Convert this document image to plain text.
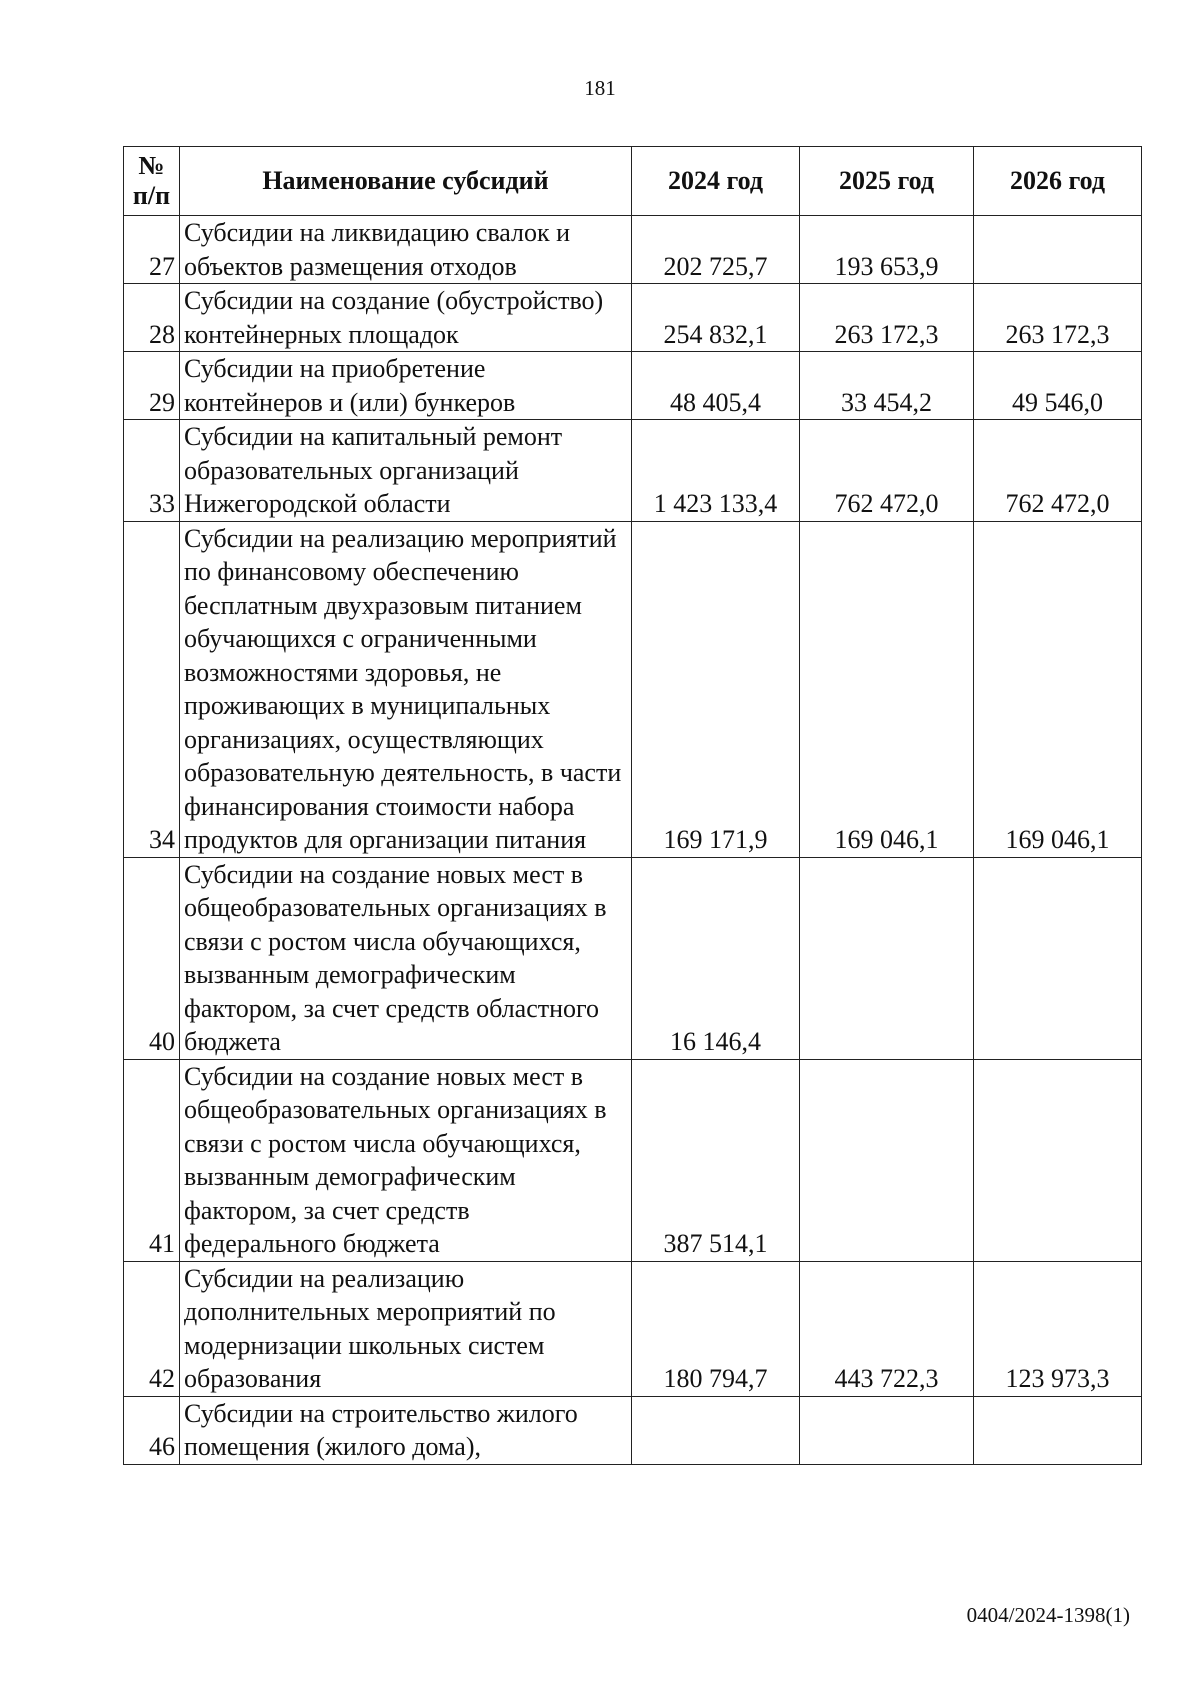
181
№ п/п	Наименование субсидий	2024 год	2025 год	2026 год
27	Субсидии на ликвидацию свалок и объектов размещения отходов	202 725,7	193 653,9	
28	Субсидии на создание (обустройство) контейнерных площадок	254 832,1	263 172,3	263 172,3
29	Субсидии на приобретение контейнеров и (или) бункеров	48 405,4	33 454,2	49 546,0
33	Субсидии на капитальный ремонт образовательных организаций Нижегородской области	1 423 133,4	762 472,0	762 472,0
34	Субсидии на реализацию мероприятий по финансовому обеспечению бесплатным двухразовым питанием обучающихся с ограниченными возможностями здоровья, не проживающих в муниципальных организациях, осуществляющих образовательную деятельность, в части финансирования стоимости набора продуктов для организации питания	169 171,9	169 046,1	169 046,1
40	Субсидии на создание новых мест в общеобразовательных организациях в связи с ростом числа обучающихся, вызванным демографическим фактором, за счет средств областного бюджета	16 146,4		
41	Субсидии на создание новых мест в общеобразовательных организациях в связи с ростом числа обучающихся, вызванным демографическим фактором, за счет средств федерального бюджета	387 514,1		
42	Субсидии на реализацию дополнительных мероприятий по модернизации школьных систем образования	180 794,7	443 722,3	123 973,3
46	Субсидии на строительство жилого помещения (жилого дома),			
0404/2024-1398(1)
